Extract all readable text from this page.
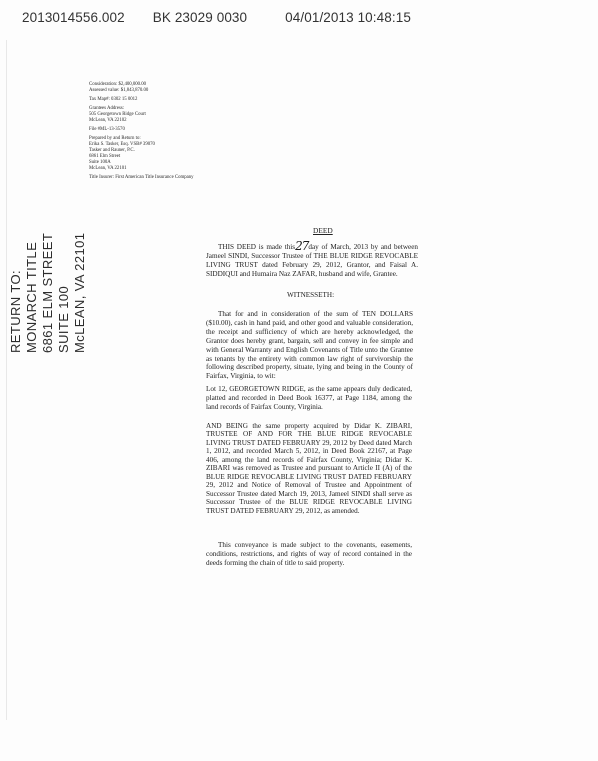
2013014556.002 BK 23029 0030	04/01/2013 10:48:15
Consideration: $2,400,000.00
Assessed value: $1,843,870.00
Tax Map#: 0302 15 0012
Grantees Address:
505 Georgetown Ridge Court
McLean, VA 22102
File #ML-13-3570
Prepared by and Return to:
Erika S. Tasker, Esq. VSB# 39070
Tasker and Rauner, P.C.
6861 Elm Street
Suite 100A
McLean, VA 22101
Title Insurer: First American Title Insurance Company
RETURN TO: MONARCH TITLE 6861 ELM STREET SUITE 100 McLEAN, VA 22101
DEED
THIS DEED is made this27day of March, 2013 by and between Jameel SINDI, Successor Trustee of THE BLUE RIDGE REVOCABLE LIVING TRUST dated February 29, 2012, Grantor, and Faisal A. SIDDIQUI and Humaira Naz ZAFAR, husband and wife, Grantee.
WITNESSETH:
That for and in consideration of the sum of TEN DOLLARS ($10.00), cash in hand paid, and other good and valuable consideration, the receipt and sufficiency of which are hereby acknowledged, the Grantor does hereby grant, bargain, sell and convey in fee simple and with General Warranty and English Covenants of Title unto the Grantee as tenants by the entirety with common law right of survivorship the following described property, situate, lying and being in the County of Fairfax, Virginia, to wit:
Lot 12, GEORGETOWN RIDGE, as the same appears duly dedicated, platted and recorded in Deed Book 16377, at Page 1184, among the land records of Fairfax County, Virginia.
AND BEING the same property acquired by Didar K. ZIBARI, TRUSTEE OF AND FOR THE BLUE RIDGE REVOCABLE LIVING TRUST DATED FEBRUARY 29, 2012 by Deed dated March 1, 2012, and recorded March 5, 2012, in Deed Book 22167, at Page 406, among the land records of Fairfax County, Virginia; Didar K. ZIBARI was removed as Trustee and pursuant to Article II (A) of the BLUE RIDGE REVOCABLE LIVING TRUST DATED FEBRUARY 29, 2012 and Notice of Removal of Trustee and Appointment of Successor Trustee dated March 19, 2013, Jameel SINDI shall serve as Successor Trustee of the BLUE RIDGE REVOCABLE LIVING TRUST DATED FEBRUARY 29, 2012, as amended.
This conveyance is made subject to the covenants, easements, conditions, restrictions, and rights of way of record contained in the deeds forming the chain of title to said property.
